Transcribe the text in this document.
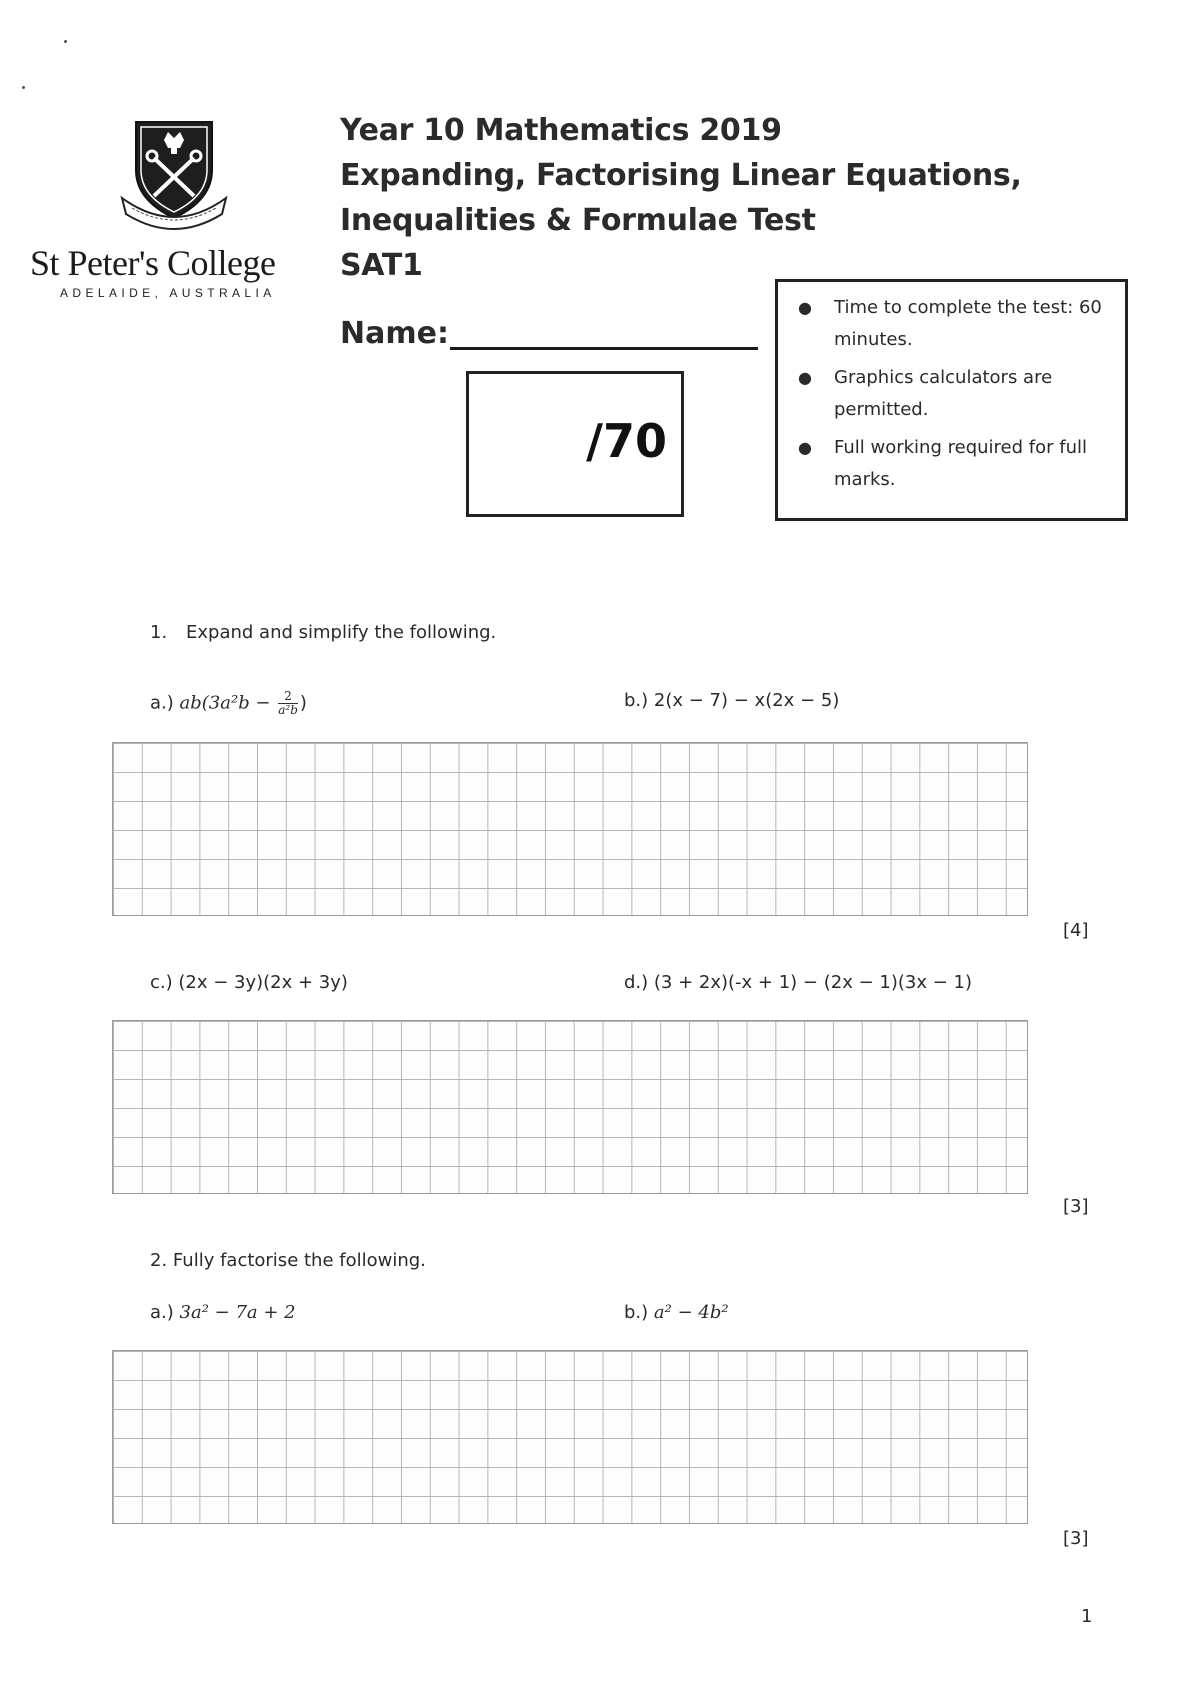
St Peter's College
ADELAIDE, AUSTRALIA
Year 10 Mathematics 2019
Expanding, Factorising Linear Equations,
Inequalities & Formulae Test
SAT1
Name:
/70
● Time to complete the test: 60 minutes.
● Graphics calculators are permitted.
● Full working required for full marks.
1. Expand and simplify the following.
a.) $ab(3a^2b - \frac{2}{\text{a²b}}$ )	b.) 2(x − 7) − x(2x − 5)
[4]
c.) (2x − 3y)(2x + 3y)	d.) (3 + 2x)(-x + 1) − (2x − 1)(3x − 1)
[3]
2. Fully factorise the following.
a.) 3a² − 7a + 2	b.) a² − 4b²
[3]
1
